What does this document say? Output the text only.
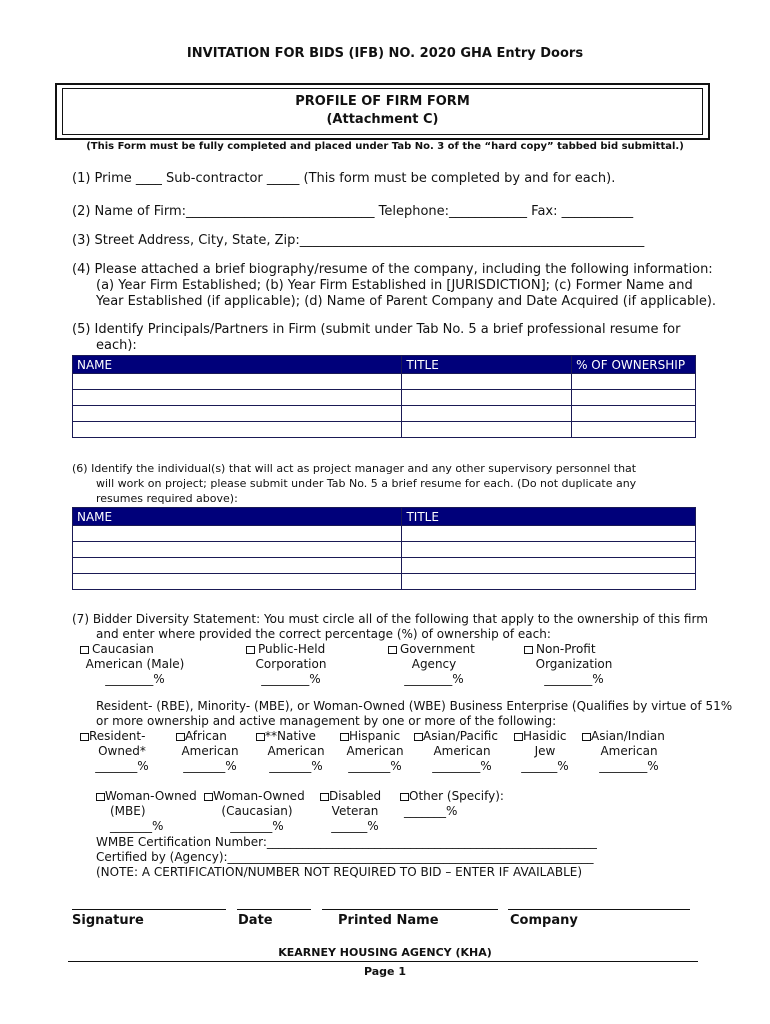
INVITATION FOR BIDS (IFB) NO. 2020 GHA Entry Doors
PROFILE OF FIRM FORM
(Attachment C)
(This Form must be fully completed and placed under Tab No. 3 of the “hard copy” tabbed bid submittal.)
(1) Prime ____ Sub-contractor _____ (This form must be completed by and for each).
(2) Name of Firm:_____________________________ Telephone:____________ Fax: ___________
(3) Street Address, City, State, Zip:_____________________________________________________
(4) Please attached a brief biography/resume of the company, including the following information:
(a) Year Firm Established; (b) Year Firm Established in [JURISDICTION]; (c) Former Name and
Year Established (if applicable); (d) Name of Parent Company and Date Acquired (if applicable).
(5) Identify Principals/Partners in Firm (submit under Tab No. 5 a brief professional resume for
each):
NAME	TITLE	% OF OWNERSHIP

(6) Identify the individual(s) that will act as project manager and any other supervisory personnel that
will work on project; please submit under Tab No. 5 a brief resume for each. (Do not duplicate any
resumes required above):
NAME	TITLE

(7) Bidder Diversity Statement: You must circle all of the following that apply to the ownership of this firm
and enter where provided the correct percentage (%) of ownership of each:
Caucasian
American (Male)
________%
Public-Held
Corporation
________%
Government
Agency
________%
Non-Profit
Organization
________%
Resident- (RBE), Minority- (MBE), or Woman-Owned (WBE) Business Enterprise (Qualifies by virtue of 51%
or more ownership and active management by one or more of the following:
Resident-
Owned*
_______%
African
American
_______%
**Native
American
_______%
Hispanic
American
_______%
Asian/Pacific
American
________%
Hasidic
Jew
______%
Asian/Indian
American
________%
Woman-Owned
(MBE)
_______%
Woman-Owned
(Caucasian)
_______%
Disabled
Veteran
______%
Other (Specify):
_______%
WMBE Certification Number:_______________________________________________________
Certified by (Agency):_____________________________________________________________
(NOTE: A CERTIFICATION/NUMBER NOT REQUIRED TO BID – ENTER IF AVAILABLE)
Signature	Date	Printed Name	Company
KEARNEY HOUSING AGENCY (KHA)
Page 1
